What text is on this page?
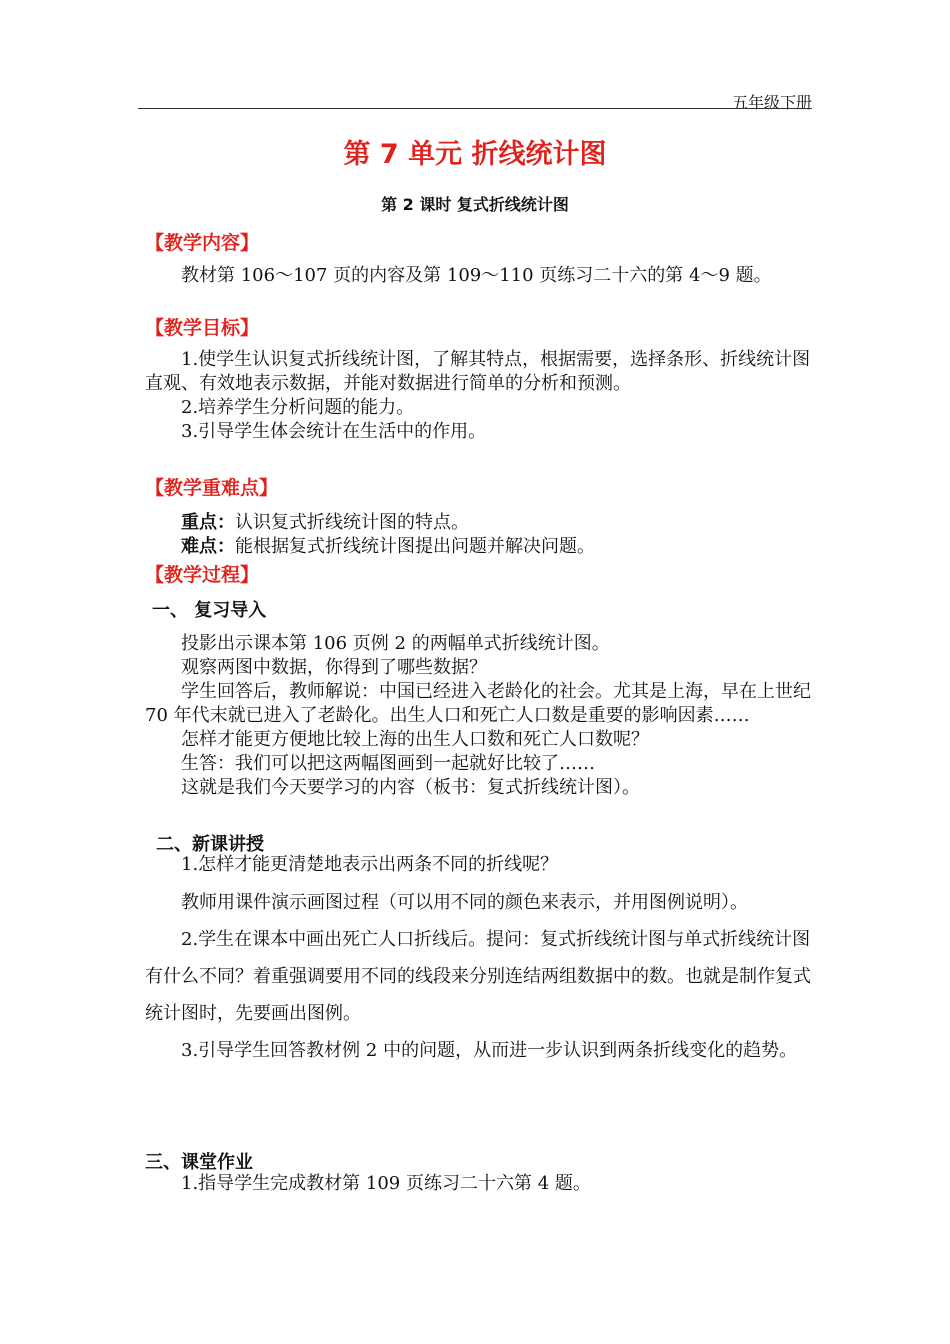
五年级下册
第 7 单元 折线统计图
第 2 课时 复式折线统计图
【教学内容】

教材第 106～107 页的内容及第 109～110 页练习二十六的第 4～9 题。

【教学目标】

1.使学生认识复式折线统计图，了解其特点，根据需要，选择条形、折线统计图直观、有效地表示数据，并能对数据进行简单的分析和预测。

2.培养学生分析问题的能力。

3.引导学生体会统计在生活中的作用。

【教学重难点】

重点：认识复式折线统计图的特点。

难点：能根据复式折线统计图提出问题并解决问题。

【教学过程】
一、 复习导入

投影出示课本第 106 页例 2 的两幅单式折线统计图。

观察两图中数据，你得到了哪些数据？

学生回答后，教师解说：中国已经进入老龄化的社会。尤其是上海，早在上世纪 70 年代末就已进入了老龄化。出生人口和死亡人口数是重要的影响因素……

怎样才能更方便地比较上海的出生人口数和死亡人口数呢？

生答：我们可以把这两幅图画到一起就好比较了……

这就是我们今天要学习的内容（板书：复式折线统计图）。

二、新课讲授

1.怎样才能更清楚地表示出两条不同的折线呢？

教师用课件演示画图过程（可以用不同的颜色来表示，并用图例说明）。

2.学生在课本中画出死亡人口折线后。提问：复式折线统计图与单式折线统计图有什么不同？着重强调要用不同的线段来分别连结两组数据中的数。也就是制作复式统计图时，先要画出图例。

3.引导学生回答教材例 2 中的问题，从而进一步认识到两条折线变化的趋势。

三、课堂作业

1.指导学生完成教材第 109 页练习二十六第 4 题。
